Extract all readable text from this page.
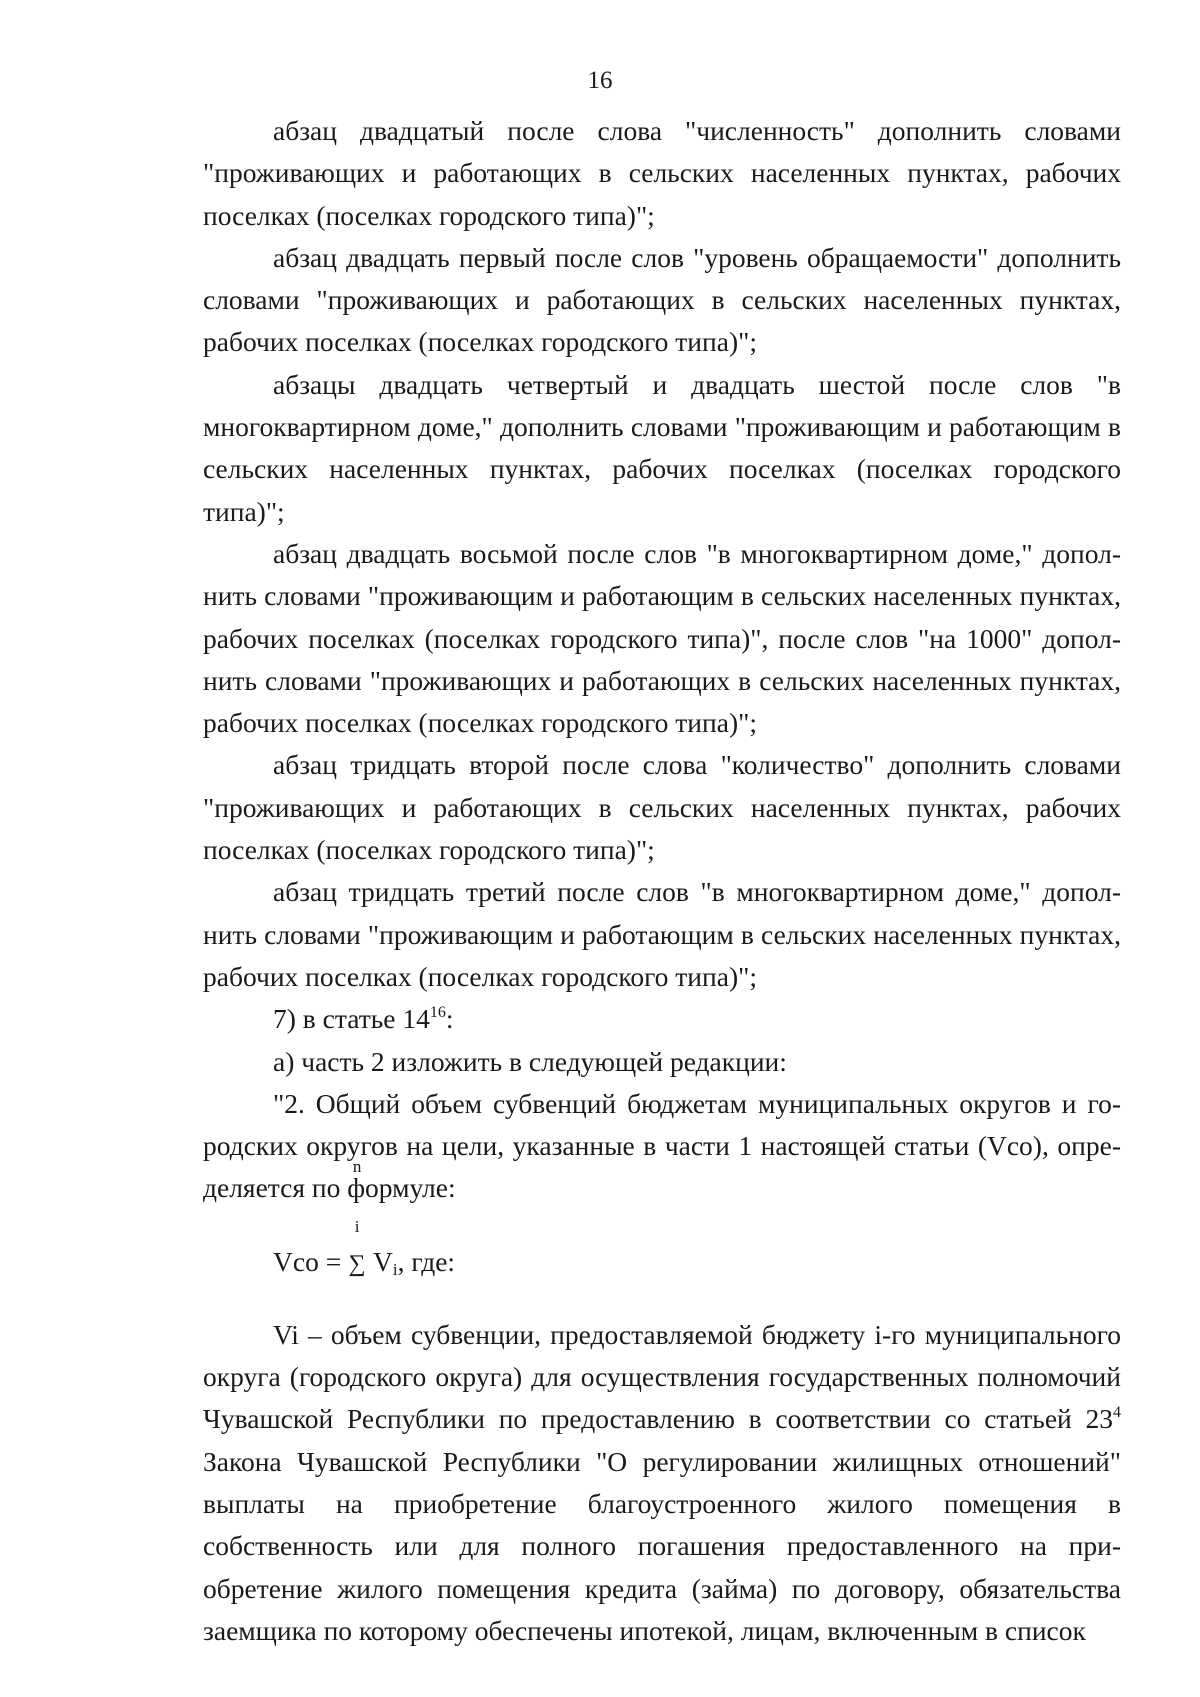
16

абзац двадцатый после слова "численность" дополнить словами "проживающих и работающих в сельских населенных пунктах, рабочих поселках (поселках городского типа)";

абзац двадцать первый после слов "уровень обращаемости" дополнить словами "проживающих и работающих в сельских населенных пунктах, рабочих поселках (поселках городского типа)";

абзацы двадцать четвертый и двадцать шестой после слов "в многоквартирном доме," дополнить словами "проживающим и работающим в сельских населенных пунктах, рабочих поселках (поселках городского типа)";

абзац двадцать восьмой после слов "в многоквартирном доме," дополнить словами "проживающим и работающим в сельских населенных пунктах, рабочих поселках (поселках городского типа)", после слов "на 1000" дополнить словами "проживающих и работающих в сельских населенных пунктах, рабочих поселках (поселках городского типа)";

абзац тридцать второй после слова "количество" дополнить словами "проживающих и работающих в сельских населенных пунктах, рабочих поселках (поселках городского типа)";

абзац тридцать третий после слов "в многоквартирном доме," дополнить словами "проживающим и работающим в сельских населенных пунктах, рабочих поселках (поселках городского типа)";

7) в статье $14^{16}$:

а) часть 2 изложить в следующей редакции:

"2. Общий объем субвенций бюджетам муниципальных округов и городских округов на цели, указанные в части 1 настоящей статьи (Vсо), определяется по формуле:

Vсо =
n
∑
i
$V_i$, где:

Vi – объем субвенции, предоставляемой бюджету i-го муниципального округа (городского округа) для осуществления государственных полномочий Чувашской Республики по предоставлению в соответствии со статьей $23^4$ Закона Чувашской Республики "О регулировании жилищных отношений" выплаты на приобретение благоустроенного жилого помещения в собственность или для полного погашения предоставленного на приобретение жилого помещения кредита (займа) по договору, обязательства заемщика по которому обеспечены ипотекой, лицам, включенным в список
